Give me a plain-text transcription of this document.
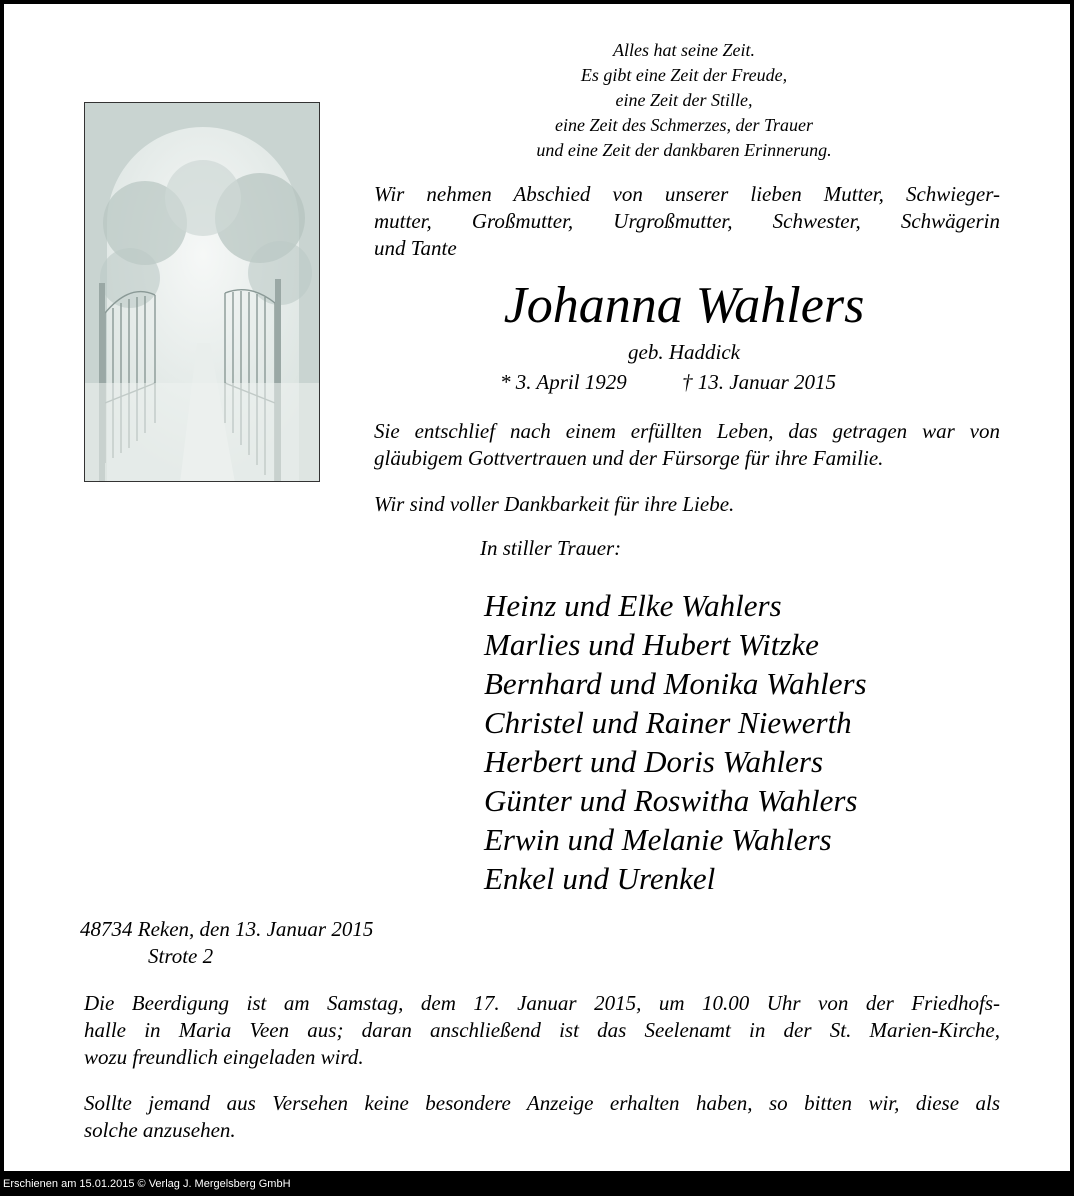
Alles hat seine Zeit.
Es gibt eine Zeit der Freude,
eine Zeit der Stille,
eine Zeit des Schmerzes, der Trauer
und eine Zeit der dankbaren Erinnerung.
Wir nehmen Abschied von unserer lieben Mutter, Schwieger-
mutter, Großmutter, Urgroßmutter, Schwester, Schwägerin
und Tante
Johanna Wahlers
geb. Haddick
* 3. April 1929	† 13. Januar 2015
Sie entschlief nach einem erfüllten Leben, das getragen war von
gläubigem Gottvertrauen und der Fürsorge für ihre Familie.
Wir sind voller Dankbarkeit für ihre Liebe.
In stiller Trauer:
Heinz und Elke Wahlers
Marlies und Hubert Witzke
Bernhard und Monika Wahlers
Christel und Rainer Niewerth
Herbert und Doris Wahlers
Günter und Roswitha Wahlers
Erwin und Melanie Wahlers
Enkel und Urenkel
48734 Reken, den 13. Januar 2015
Strote 2
Die Beerdigung ist am Samstag, dem 17. Januar 2015, um 10.00 Uhr von der Friedhofs-
halle in Maria Veen aus; daran anschließend ist das Seelenamt in der St. Marien-Kirche,
wozu freundlich eingeladen wird.
Sollte jemand aus Versehen keine besondere Anzeige erhalten haben, so bitten wir, diese als
solche anzusehen.
Erschienen am 15.01.2015 © Verlag J. Mergelsberg GmbH
